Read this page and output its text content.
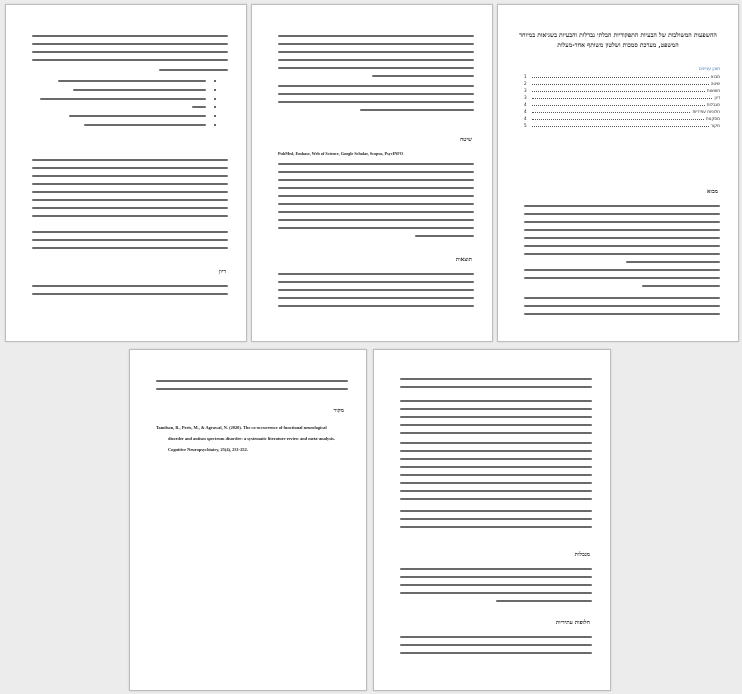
ההשפעות המשולבות של הבעיות התפקודיות הבלתי נבדלות והבעיות בשגיאות במיוחד
המשפט, מערכת סמכות ושלטון משותף אחד-מעלות
תוכן עניינים
מבוא
1
שיטה
2
תוצאות
3
דיון
3
מגבלות
4
חלופות עתידיות
4
מסקנות
4
מקור
5
מבוא
שיטה
PubMed, Embase, Web of Science, Google Scholar, Scopus, PsycINFO
תוצאות
דיון
מגבלות
חלופות עתידיות
מקור
Tamilson, R., Peris, M., & Agrawal, N. (2020). The co-occurrence of functional neurological
disorder and autism spectrum disorder: a systematic literature review and meta-analysis.
Cognitive Neuropsychiatry, 25(4), 231-252.
